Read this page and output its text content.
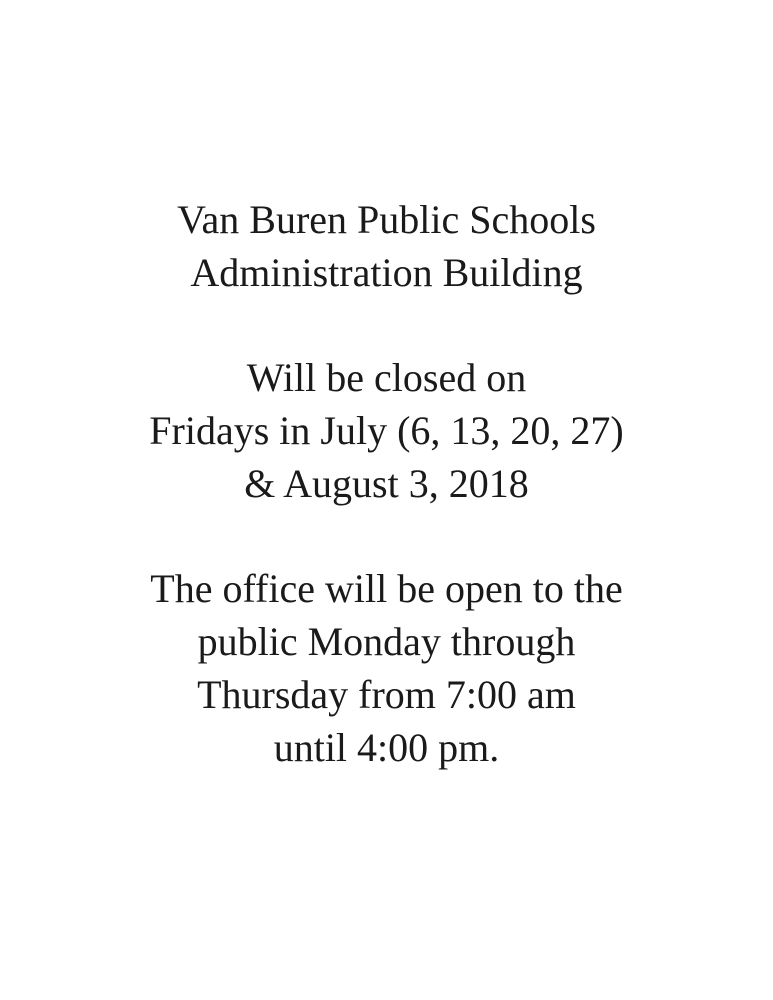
Van Buren Public Schools
Administration Building
Will be closed on
Fridays in July (6, 13, 20, 27)
& August 3, 2018
The office will be open to the
public Monday through
Thursday from 7:00 am
until 4:00 pm.
